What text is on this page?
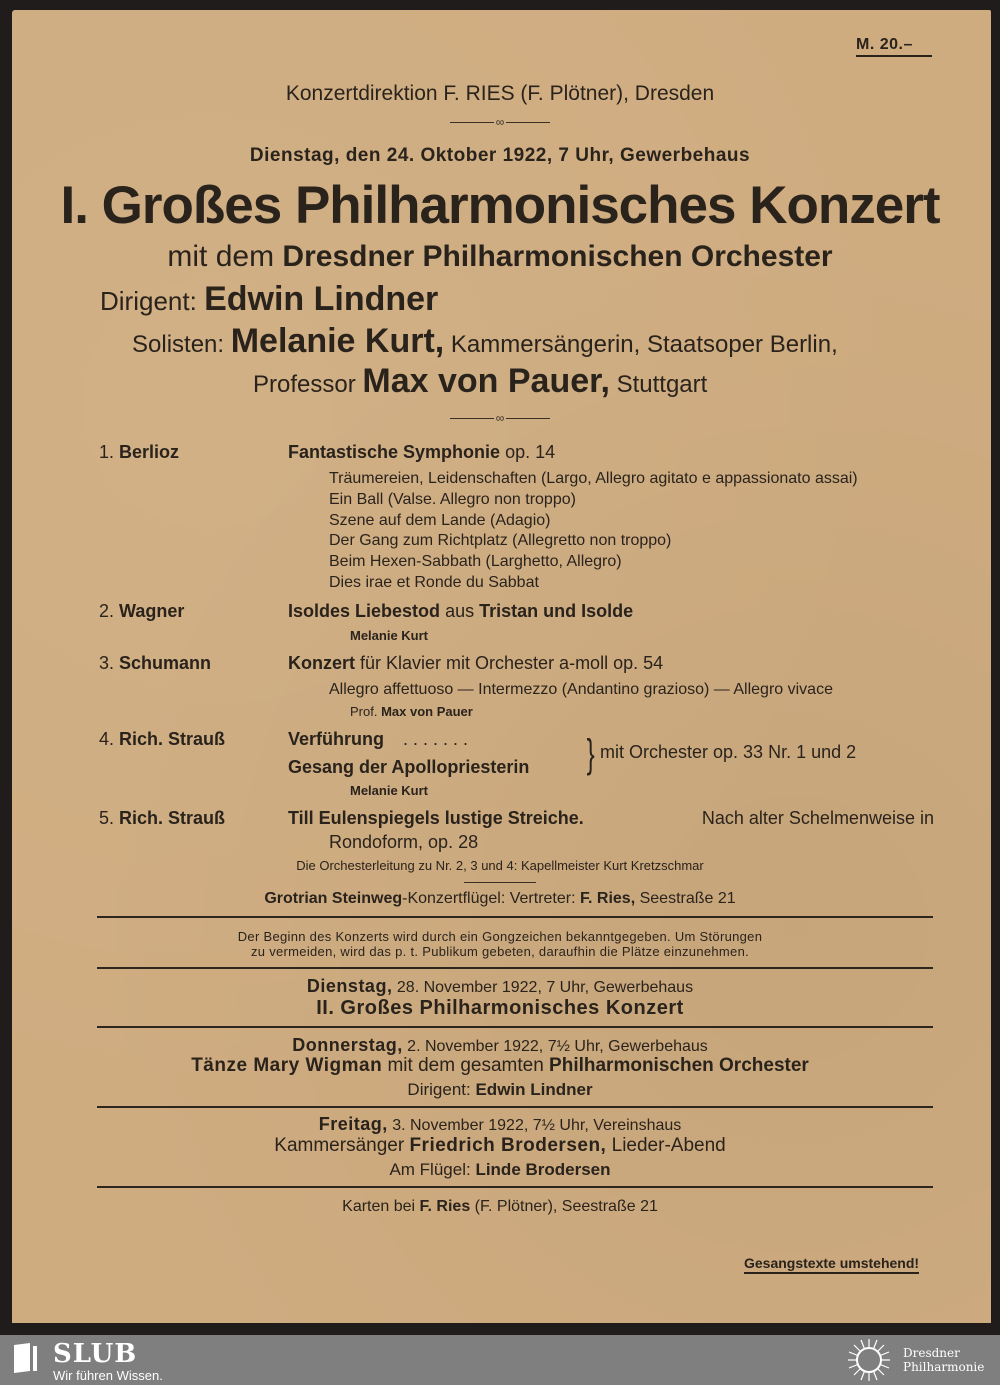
M. 20.–
Konzertdirektion F. RIES (F. Plötner), Dresden
∞
Dienstag, den 24. Oktober 1922, 7 Uhr, Gewerbehaus
I. Großes Philharmonisches Konzert
mit dem Dresdner Philharmonischen Orchester
Dirigent: Edwin Lindner
Solisten: Melanie Kurt, Kammersängerin, Staatsoper Berlin,
Professor Max von Pauer, Stuttgart
∞
1. Berlioz	Fantastische Symphonie op. 14
Träumereien, Leidenschaften (Largo, Allegro agitato e appassionato assai)
Ein Ball (Valse. Allegro non troppo)
Szene auf dem Lande (Adagio)
Der Gang zum Richtplatz (Allegretto non troppo)
Beim Hexen-Sabbath (Larghetto, Allegro)
Dies irae et Ronde du Sabbat
2. Wagner	Isoldes Liebestod aus Tristan und Isolde
Melanie Kurt
3. Schumann	Konzert für Klavier mit Orchester a-moll op. 54
Allegro affettuoso — Intermezzo (Andantino grazioso) — Allegro vivace
Prof. Max von Pauer
4. Rich. Strauß	Verführung . . . . . . .
Gesang der Apollopriesterin } mit Orchester op. 33 Nr. 1 und 2
Melanie Kurt
5. Rich. Strauß	Till Eulenspiegels lustige Streiche.	Nach alter Schelmenweise in
Rondoform, op. 28
Die Orchesterleitung zu Nr. 2, 3 und 4: Kapellmeister Kurt Kretzschmar
Grotrian Steinweg-Konzertflügel: Vertreter: F. Ries, Seestraße 21
Der Beginn des Konzerts wird durch ein Gongzeichen bekanntgegeben. Um Störungen
zu vermeiden, wird das p. t. Publikum gebeten, daraufhin die Plätze einzunehmen.
Dienstag, 28. November 1922, 7 Uhr, Gewerbehaus
II. Großes Philharmonisches Konzert
Donnerstag, 2. November 1922, 7½ Uhr, Gewerbehaus
Tänze Mary Wigman mit dem gesamten Philharmonischen Orchester
Dirigent: Edwin Lindner
Freitag, 3. November 1922, 7½ Uhr, Vereinshaus
Kammersänger Friedrich Brodersen, Lieder-Abend
Am Flügel: Linde Brodersen
Karten bei F. Ries (F. Plötner), Seestraße 21
Gesangstexte umstehend!
SLUB
Wir führen Wissen.
Dresdner
Philharmonie
